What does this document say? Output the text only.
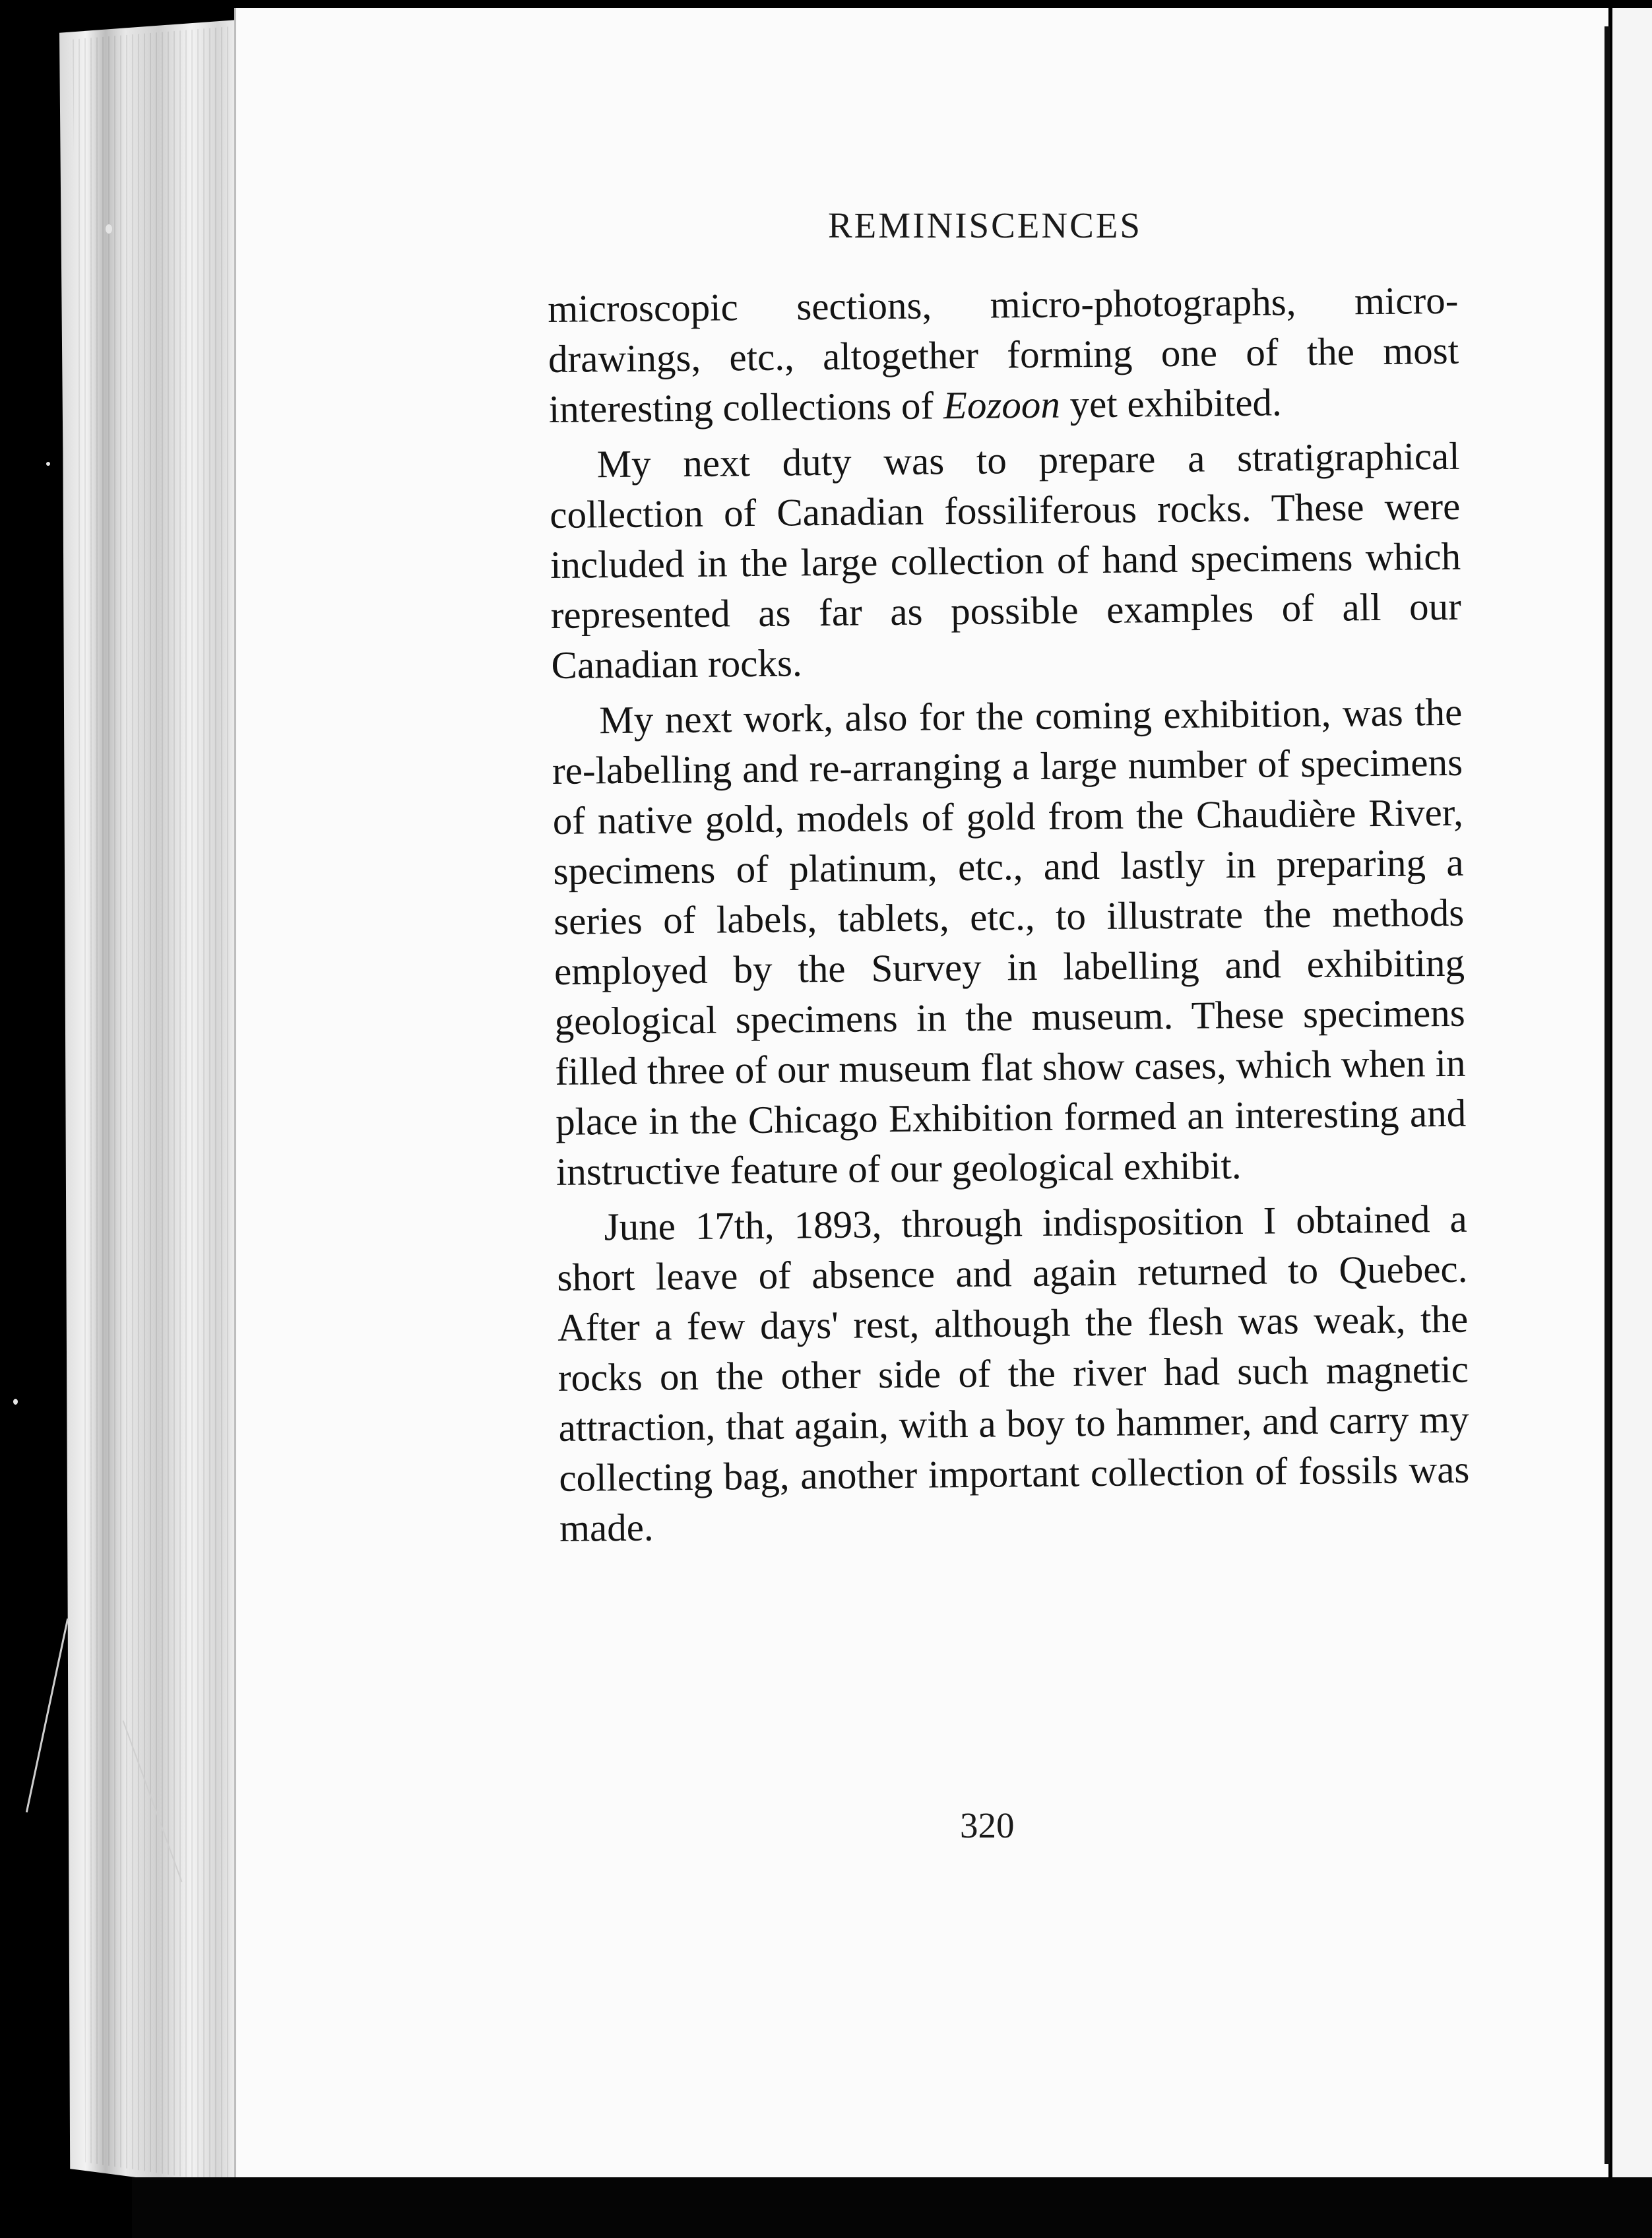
REMINISCENCES

microscopic sections, micro-photographs, micro-drawings, etc., altogether forming one of the most interesting collections of Eozoon yet exhibited.

My next duty was to prepare a stratigraphical collection of Canadian fossiliferous rocks. These were included in the large collection of hand specimens which represented as far as possible examples of all our Canadian rocks.

My next work, also for the coming exhibition, was the re-labelling and re-arranging a large number of specimens of native gold, models of gold from the Chaudière River, specimens of platinum, etc., and lastly in preparing a series of labels, tablets, etc., to illustrate the methods employed by the Survey in labelling and exhibiting geological specimens in the museum. These specimens filled three of our museum flat show cases, which when in place in the Chicago Exhibition formed an interesting and instructive feature of our geological exhibit.

June 17th, 1893, through indisposition I obtained a short leave of absence and again returned to Quebec. After a few days' rest, although the flesh was weak, the rocks on the other side of the river had such magnetic attraction, that again, with a boy to hammer, and carry my collecting bag, another important collection of fossils was made.

320
